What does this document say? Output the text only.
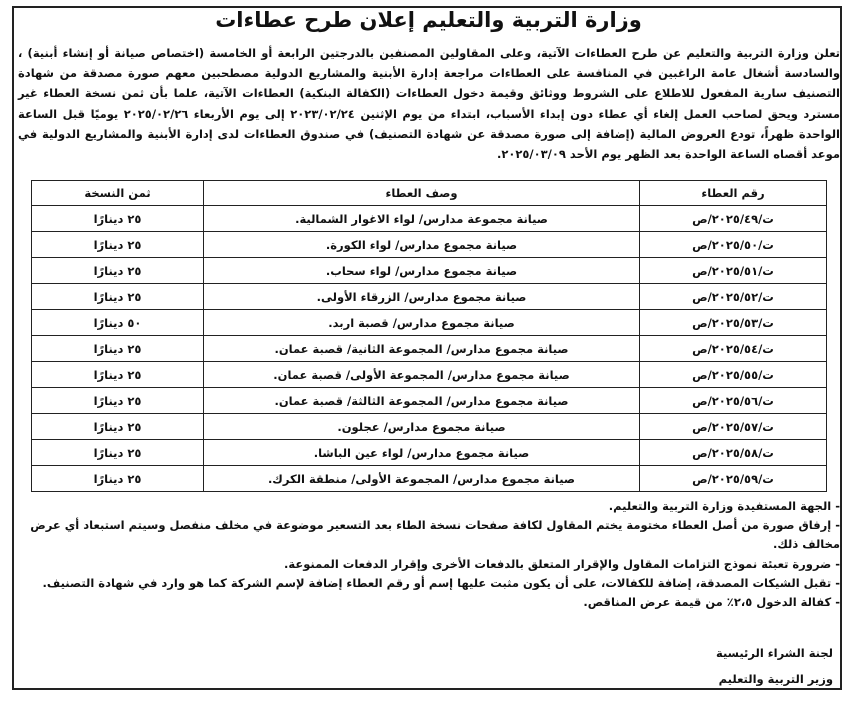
وزارة التربية والتعليم إعلان طرح عطاءات
تعلن وزارة التربية والتعليم عن طرح العطاءات الآتية، وعلى المقاولين المصنفين بالدرجتين الرابعة أو الخامسة (اختصاص صيانة أو إنشاء أبنية) ، والسادسة أشغال عامة الراغبين في المنافسة على العطاءات مراجعة إدارة الأبنية والمشاريع الدولية مصطحبين معهم صورة مصدقة من شهادة التصنيف سارية المفعول للاطلاع على الشروط ووثائق وقيمة دخول العطاءات (الكفالة البنكية) العطاءات الآتية، علما بأن ثمن نسخة العطاء غير مسترد ويحق لصاحب العمل إلغاء أي عطاء دون إبداء الأسباب، ابتداء من يوم الإثنين ٢٠٢٣/٠٢/٢٤ إلى يوم الأربعاء ٢٠٢٥/٠٢/٢٦ يوميًا قبل الساعة الواحدة ظهراً، تودع العروض المالية (إضافة إلى صورة مصدقة عن شهادة التصنيف) في صندوق العطاءات لدى إدارة الأبنية والمشاريع الدولية في موعد أقصاه الساعة الواحدة بعد الظهر يوم الأحد ٢٠٢٥/٠٣/٠٩.
رقم العطاء	وصف العطاء	ثمن النسخة
ت/٢٠٢٥/٤٩/ص	صيانة مجموعة مدارس/ لواء الاغوار الشمالية.	٢٥ دينارًا
ت/٢٠٢٥/٥٠/ص	صيانة مجموع مدارس/ لواء الكورة.	٢٥ دينارًا
ت/٢٠٢٥/٥١/ص	صيانة مجموع مدارس/ لواء سحاب.	٢٥ دينارًا
ت/٢٠٢٥/٥٢/ص	صيانة مجموع مدارس/ الزرقاء الأولى.	٢٥ دينارًا
ت/٢٠٢٥/٥٣/ص	صيانة مجموع مدارس/ قصبة اربد.	٥٠ دينارًا
ت/٢٠٢٥/٥٤/ص	صيانة مجموع مدارس/ المجموعة الثانية/ قصبة عمان.	٢٥ دينارًا
ت/٢٠٢٥/٥٥/ص	صيانة مجموع مدارس/ المجموعة الأولى/ قصبة عمان.	٢٥ دينارًا
ت/٢٠٢٥/٥٦/ص	صيانة مجموع مدارس/ المجموعة الثالثة/ قصبة عمان.	٢٥ دينارًا
ت/٢٠٢٥/٥٧/ص	صيانة مجموع مدارس/ عجلون.	٢٥ دينارًا
ت/٢٠٢٥/٥٨/ص	صيانة مجموع مدارس/ لواء عين الباشا.	٢٥ دينارًا
ت/٢٠٢٥/٥٩/ص	صيانة مجموع مدارس/ المجموعة الأولى/ منطقة الكرك.	٢٥ دينارًا

- الجهة المستفيدة وزارة التربية والتعليم.

- إرفاق صورة من أصل العطاء مختومة يختم المقاول لكافة صفحات نسخة الطاء بعد التسعير موضوعة في مخلف منفصل وسيتم استبعاد أي عرض مخالف ذلك.

- ضرورة تعبئة نموذج التزامات المقاول والإقرار المتعلق بالدفعات الأخرى وإقرار الدفعات الممنوعة.

- تقبل الشيكات المصدقة، إضافة للكفالات، على أن يكون مثبت عليها إسم أو رقم العطاء إضافة لإسم الشركة كما هو وارد في شهادة التصنيف.

- كفالة الدخول ٢،٥٪ من قيمة عرض المناقص.

لجنة الشراء الرئيسية
وزير التربية والتعليم
